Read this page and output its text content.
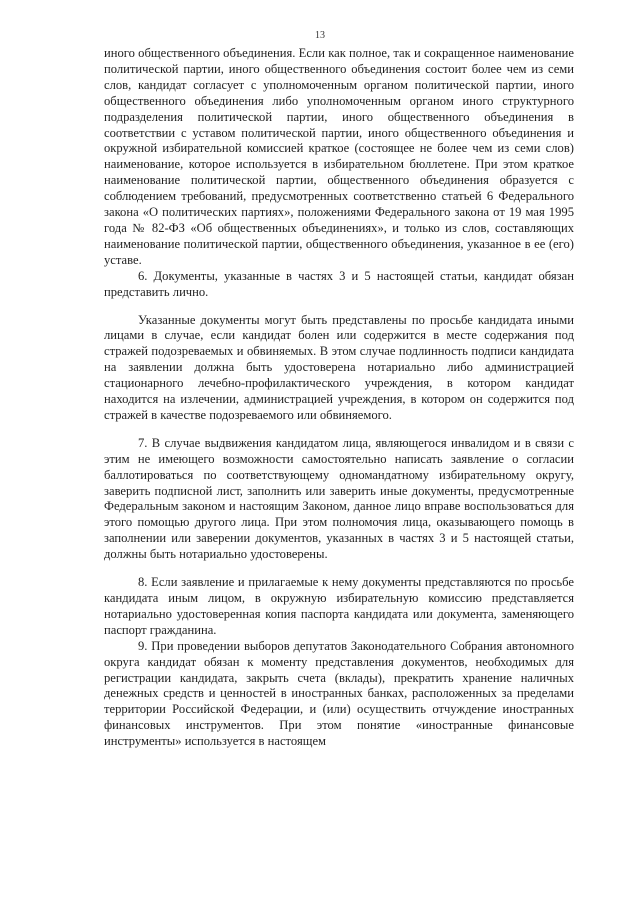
13

иного общественного объединения. Если как полное, так и сокращенное наименование политической партии, иного общественного объединения состоит более чем из семи слов, кандидат согласует с уполномоченным органом политической партии, иного общественного объединения либо уполномоченным органом иного структурного подразделения политической партии, иного общественного объединения в соответствии с уставом политической партии, иного общественного объединения и окружной избирательной комиссией краткое (состоящее не более чем из семи слов) наименование, которое используется в избирательном бюллетене. При этом краткое наименование политической партии, общественного объединения образуется с соблюдением требований, предусмотренных соответственно статьей 6 Федерального закона «О политических партиях», положениями Федерального закона от 19 мая 1995 года № 82-ФЗ «Об общественных объединениях», и только из слов, составляющих наименование политической партии, общественного объединения, указанное в ее (его) уставе.

6. Документы, указанные в частях 3 и 5 настоящей статьи, кандидат обязан представить лично.

Указанные документы могут быть представлены по просьбе кандидата иными лицами в случае, если кандидат болен или содержится в месте содержания под стражей подозреваемых и обвиняемых. В этом случае подлинность подписи кандидата на заявлении должна быть удостоверена нотариально либо администрацией стационарного лечебно-профилактического учреждения, в котором кандидат находится на излечении, администрацией учреждения, в котором он содержится под стражей в качестве подозреваемого или обвиняемого.

7. В случае выдвижения кандидатом лица, являющегося инвалидом и в связи с этим не имеющего возможности самостоятельно написать заявление о согласии баллотироваться по соответствующему одномандатному избирательному округу, заверить подписной лист, заполнить или заверить иные документы, предусмотренные Федеральным законом и настоящим Законом, данное лицо вправе воспользоваться для этого помощью другого лица. При этом полномочия лица, оказывающего помощь в заполнении или заверении документов, указанных в частях 3 и 5 настоящей статьи, должны быть нотариально удостоверены.

8. Если заявление и прилагаемые к нему документы представляются по просьбе кандидата иным лицом, в окружную избирательную комиссию представляется нотариально удостоверенная копия паспорта кандидата или документа, заменяющего паспорт гражданина.

9. При проведении выборов депутатов Законодательного Собрания автономного округа кандидат обязан к моменту представления документов, необходимых для регистрации кандидата, закрыть счета (вклады), прекратить хранение наличных денежных средств и ценностей в иностранных банках, расположенных за пределами территории Российской Федерации, и (или) осуществить отчуждение иностранных финансовых инструментов. При этом понятие «иностранные финансовые инструменты» используется в настоящем
